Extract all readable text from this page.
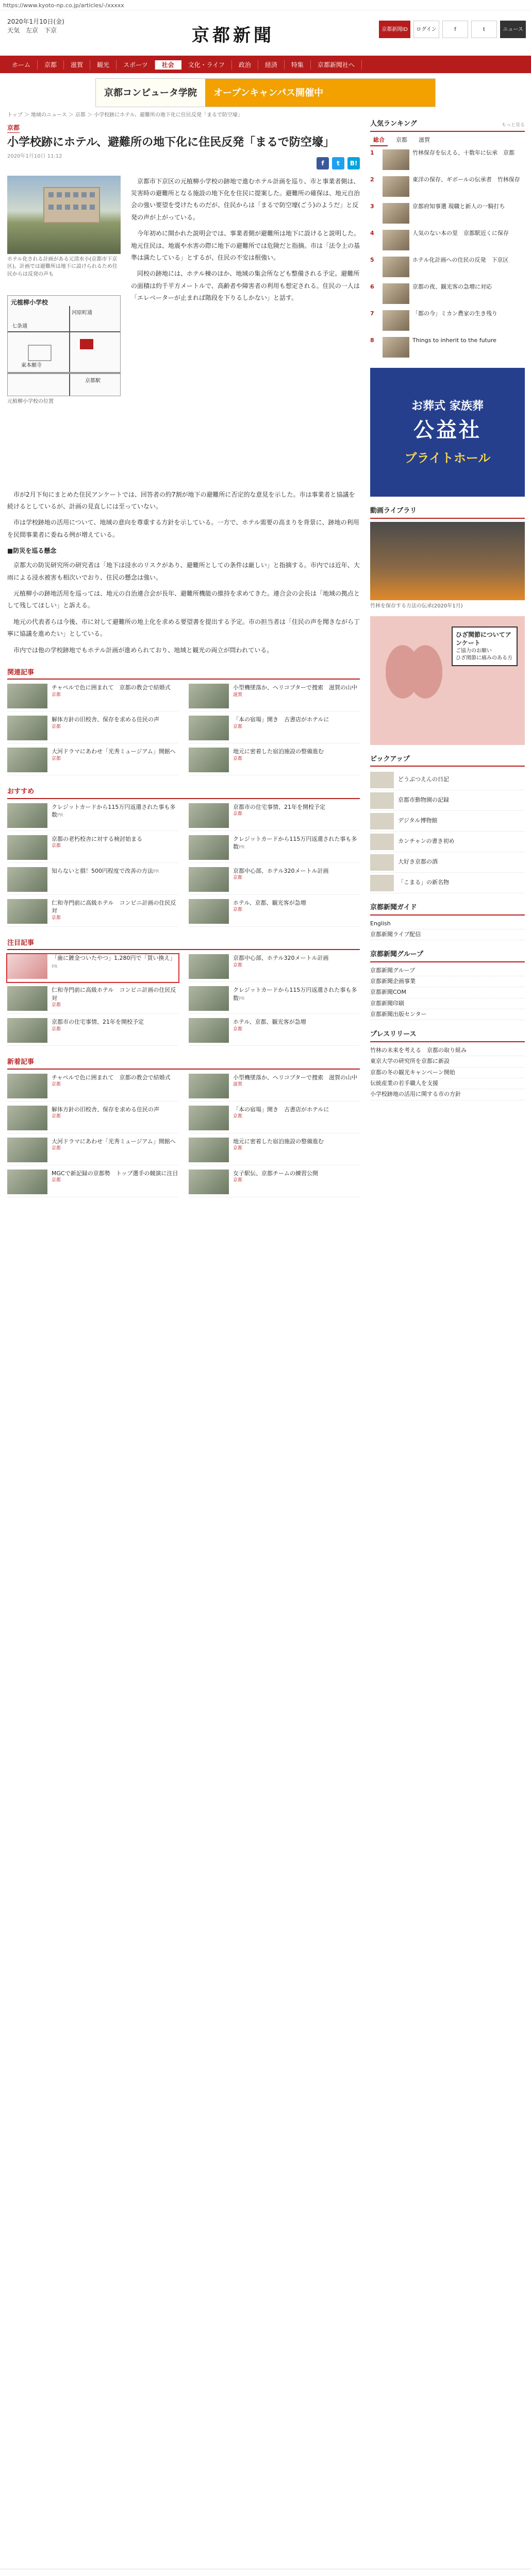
https://www.kyoto-np.co.jp/articles/-/xxxxx
2020年1月10日(金)
天気　左京　下京	京都新聞	京都新聞ID	ログイン	f	t	ニュース
ホーム	京都	滋賀	観光	スポーツ	社会	文化・ライフ	政治	経済	特集	京都新聞社へ
京都コンピュータ学院	オープンキャンパス開催中
トップ ＞ 地域のニュース ＞ 京都 ＞ 小学校跡にホテル、避難所の地下化に住民反発「まるで防空壕」
京都
小学校跡にホテル、避難所の地下化に住民反発「まるで防空壕」
2020年1月10日 11:12
f	t	B!
ホテル化される計画がある元清水小(京都市下京区)。計画では避難所は地下に設けられるため住民からは反発の声も
元植柳小学校
七条通
河原町通
東本願寺
京都駅
元植柳小学校の位置

京都市下京区の元植柳小学校の跡地で進むホテル計画を巡り、市と事業者側は、災害時の避難所となる施設の地下化を住民に提案した。避難所の確保は、地元自治会の強い要望を受けたものだが、住民からは「まるで防空壕(ごう)のようだ」と反発の声が上がっている。

今年初めに開かれた説明会では、事業者側が避難所は地下に設けると説明した。地元住民は、地震や水害の際に地下の避難所では危険だと指摘。市は「法令上の基準は満たしている」とするが、住民の不安は根強い。

同校の跡地には、ホテル棟のほか、地域の集会所なども整備される予定。避難所の面積は約千平方メートルで、高齢者や障害者の利用も想定される。住民の一人は「エレベーターが止まれば階段を下りるしかない」と話す。

市が2月下旬にまとめた住民アンケートでは、回答者の約7割が地下の避難所に否定的な意見を示した。市は事業者と協議を続けるとしているが、計画の見直しには至っていない。

市は学校跡地の活用について、地域の意向を尊重する方針を示している。一方で、ホテル需要の高まりを背景に、跡地の利用を民間事業者に委ねる例が増えている。

■防災を巡る懸念

京都大の防災研究所の研究者は「地下は浸水のリスクがあり、避難所としての条件は厳しい」と指摘する。市内では近年、大雨による浸水被害も相次いでおり、住民の懸念は強い。

元植柳小の跡地活用を巡っては、地元の自治連合会が長年、避難所機能の維持を求めてきた。連合会の会長は「地域の拠点として残してほしい」と訴える。

地元の代表者らは今後、市に対して避難所の地上化を求める要望書を提出する予定。市の担当者は「住民の声を聞きながら丁寧に協議を進めたい」としている。

市内では他の学校跡地でもホテル計画が進められており、地域と観光の両立が問われている。

関連記事
チャペルで色に囲まれて　京都の教会で結婚式
京都
小型機墜落か、ヘリコプターで捜索　滋賀の山中
滋賀
解体方針の旧校舎、保存を求める住民の声
京都
「本の宿場」開き　古書店がホテルに
京都
大河ドラマにあわせ「光秀ミュージアム」開館へ
京都
地元に密着した宿泊施設の整備進む
京都
おすすめ
クレジットカードから115万円返還された事も多数PR
京都市の住宅事情、21年を開校予定
京都
京都の老朽校舎に対する検討始まる
京都
クレジットカードから115万円返還された事も多数PR
知らないと損！500円程度で改善の方法PR	京都中心部、ホテル320メートル計画
京都
仁和寺門前に高級ホテル　コンビニ計画の住民反対
京都
ホテル、京都、観光客が急増
京都
注目記事
「歯に鍍金ついたやつ」1,280円で「買い換え」PR
京都中心部、ホテル320メートル計画
京都
仁和寺門前に高級ホテル　コンビニ計画の住民反対
京都
クレジットカードから115万円返還された事も多数PR
京都市の住宅事情、21年を開校予定
京都
ホテル、京都、観光客が急増
京都
新着記事
チャペルで色に囲まれて　京都の教会で結婚式
京都
小型機墜落か、ヘリコプターで捜索　滋賀の山中
滋賀
解体方針の旧校舎、保存を求める住民の声
京都
「本の宿場」開き　古書店がホテルに
京都
大河ドラマにあわせ「光秀ミュージアム」開館へ
京都
地元に密着した宿泊施設の整備進む
京都
MGCで新記録の京都勢　トップ選手の競演に注目
京都
女子駅伝、京都チームの練習公開
京都
人気ランキング	もっと見る
総合	京都	滋賀
1	竹林保存を伝える、十数年に伝承　京都
2	東洋の保存、ギボールの伝承者　竹林保存
3	京都府知事選 現職と新人の一騎打ち
4	人気のない本の里　京都駅近くに保存
5	ホテル化計画への住民の反発　下京区
6	京都の夜、観光客の急増に対応
7	「都の今」ミカン農家の生き残り
8	Things to inherit to the future
お葬式 家族葬
公益社
ブライトホール
動画ライブラリ
竹林を保存する方法の伝承(2020年1月)
ひざ関節についてアンケート
ご協力のお願い
ひざ関節に痛みのある方
ピックアップ
どうぶつえんの日記
京都市動物園の記録
デジタル博物館
カンチャンの書き初め
大好き京都の酒
「こまる」の新名物
京都新聞ガイド
English
京都新聞ライブ配信
京都新聞グループ
京都新聞グループ
京都新聞企画事業
京都新聞COM
京都新聞印刷
京都新聞出版センター
プレスリリース
竹林の未来を考える　京都の取り組み
東京大学の研究所を京都に新設
京都の冬の観光キャンペーン開始
伝統産業の若手職人を支援
小学校跡地の活用に関する市の方針
